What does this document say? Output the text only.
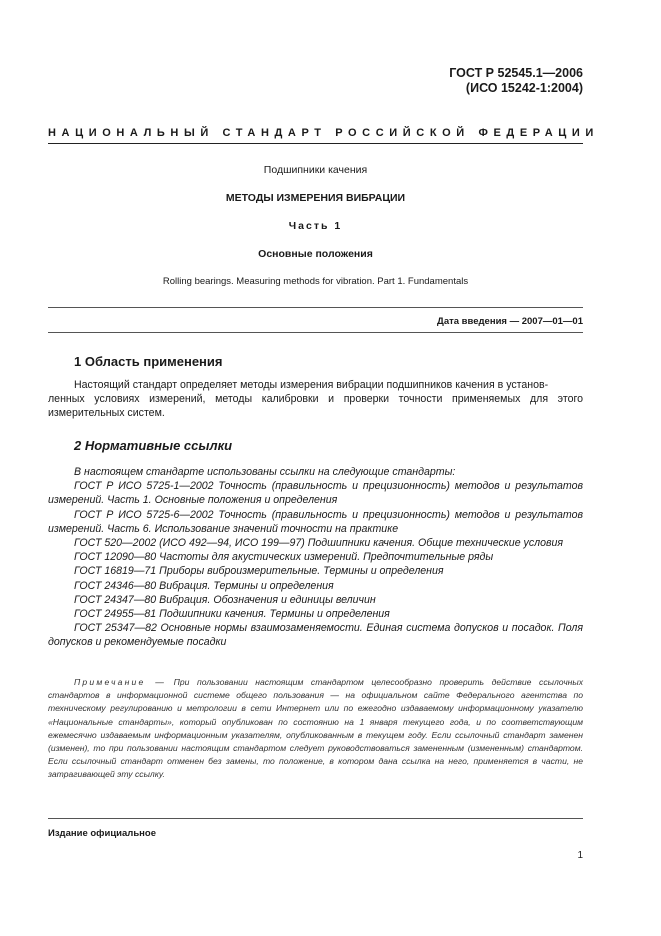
ГОСТ Р 52545.1—2006
(ИСО 15242-1:2004)
НАЦИОНАЛЬНЫЙ СТАНДАРТ РОССИЙСКОЙ ФЕДЕРАЦИИ
Подшипники качения
МЕТОДЫ ИЗМЕРЕНИЯ ВИБРАЦИИ
Часть 1
Основные положения
Rolling bearings. Measuring methods for vibration. Part 1. Fundamentals
Дата введения — 2007—01—01
1 Область применения
Настоящий стандарт определяет методы измерения вибрации подшипников качения в установ-
ленных условиях измерений, методы калибровки и проверки точности применяемых для этого измерительных систем.
2 Нормативные ссылки
В настоящем стандарте использованы ссылки на следующие стандарты:
ГОСТ Р ИСО 5725-1—2002 Точность (правильность и прецизионность) методов и результатов измерений. Часть 1. Основные положения и определения
ГОСТ Р ИСО 5725-6—2002 Точность (правильность и прецизионность) методов и результатов измерений. Часть 6. Использование значений точности на практике
ГОСТ 520—2002 (ИСО 492—94, ИСО 199—97) Подшипники качения. Общие технические условия
ГОСТ 12090—80 Частоты для акустических измерений. Предпочтительные ряды
ГОСТ 16819—71 Приборы виброизмерительные. Термины и определения
ГОСТ 24346—80 Вибрация. Термины и определения
ГОСТ 24347—80 Вибрация. Обозначения и единицы величин
ГОСТ 24955—81 Подшипники качения. Термины и определения
ГОСТ 25347—82 Основные нормы взаимозаменяемости. Единая система допусков и посадок. Поля допусков и рекомендуемые посадки
Примечание — При пользовании настоящим стандартом целесообразно проверить действие ссылочных стандартов в информационной системе общего пользования — на официальном сайте Федерального агентства по техническому регулированию и метрологии в сети Интернет или по ежегодно издаваемому информационному указателю «Национальные стандарты», который опубликован по состоянию на 1 января текущего года, и по соответствующим ежемесячно издаваемым информационным указателям, опубликованным в текущем году. Если ссылочный стандарт заменен (изменен), то при пользовании настоящим стандартом следует руководствоваться замененным (измененным) стандартом. Если ссылочный стандарт отменен без замены, то положение, в котором дана ссылка на него, применяется в части, не затрагивающей эту ссылку.
Издание официальное
1
